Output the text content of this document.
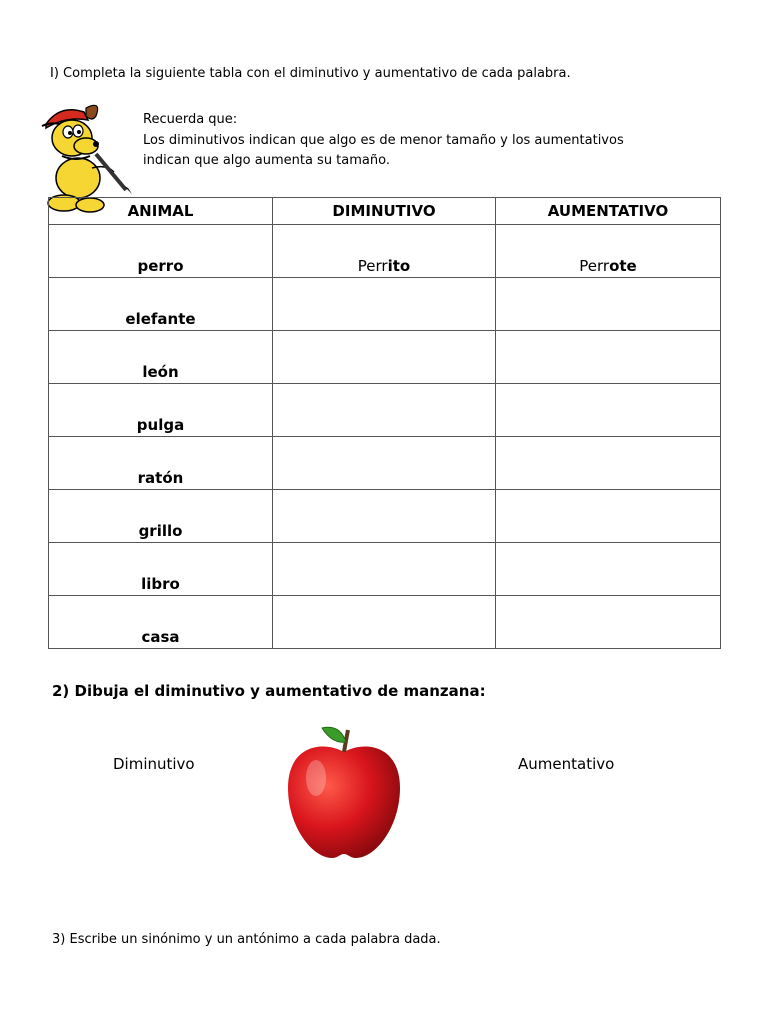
I) Completa la siguiente tabla con el diminutivo y aumentativo de cada palabra.
Recuerda que:
Los diminutivos indican que algo es de menor tamaño y los aumentativos
indican que algo aumenta su tamaño.
ANIMAL	DIMINUTIVO	AUMENTATIVO
perro	Perrito	Perrote
elefante		
león		
pulga		
ratón		
grillo		
libro		
casa		
2) Dibuja el diminutivo y aumentativo de manzana:
Diminutivo	Aumentativo
3) Escribe un sinónimo y un antónimo a cada palabra dada.
